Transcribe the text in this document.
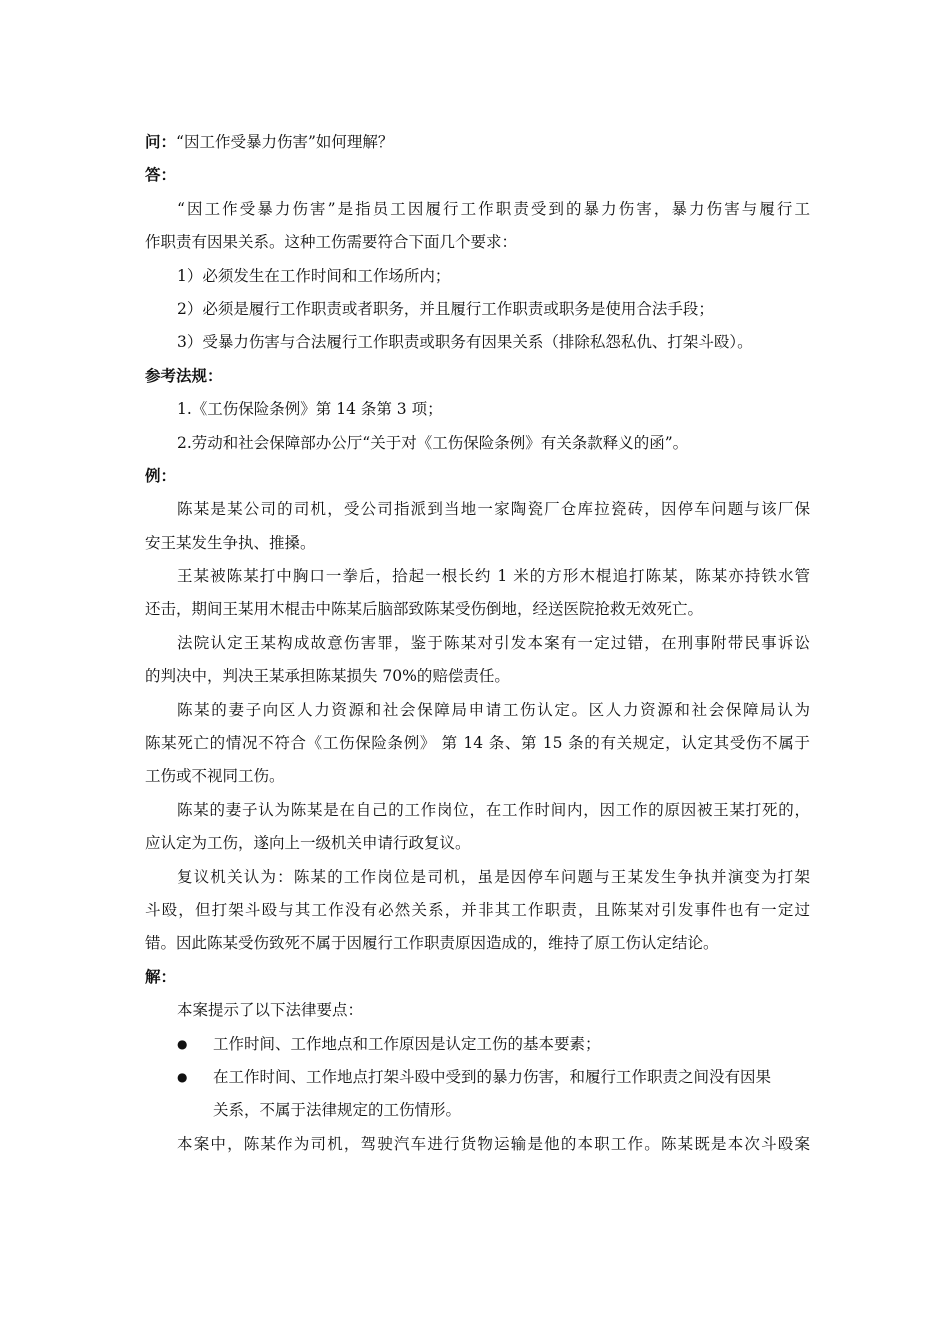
问：“因工作受暴力伤害”如何理解？
答：
“因工作受暴力伤害”是指员工因履行工作职责受到的暴力伤害，暴力伤害与履行工
作职责有因果关系。这种工伤需要符合下面几个要求：
1）必须发生在工作时间和工作场所内；
2）必须是履行工作职责或者职务，并且履行工作职责或职务是使用合法手段；
3）受暴力伤害与合法履行工作职责或职务有因果关系（排除私怨私仇、打架斗殴）。
参考法规：
1.《工伤保险条例》第 14 条第 3 项；
2.劳动和社会保障部办公厅“关于对《工伤保险条例》有关条款释义的函”。
例：
陈某是某公司的司机，受公司指派到当地一家陶瓷厂仓库拉瓷砖，因停车问题与该厂保
安王某发生争执、推搡。
王某被陈某打中胸口一拳后，拾起一根长约 1 米的方形木棍追打陈某，陈某亦持铁水管
还击，期间王某用木棍击中陈某后脑部致陈某受伤倒地，经送医院抢救无效死亡。
法院认定王某构成故意伤害罪，鉴于陈某对引发本案有一定过错，在刑事附带民事诉讼
的判决中，判决王某承担陈某损失 70%的赔偿责任。
陈某的妻子向区人力资源和社会保障局申请工伤认定。区人力资源和社会保障局认为
陈某死亡的情况不符合《工伤保险条例》 第 14 条、第 15 条的有关规定，认定其受伤不属于
工伤或不视同工伤。
陈某的妻子认为陈某是在自己的工作岗位，在工作时间内，因工作的原因被王某打死的，
应认定为工伤，遂向上一级机关申请行政复议。
复议机关认为：陈某的工作岗位是司机，虽是因停车问题与王某发生争执并演变为打架
斗殴，但打架斗殴与其工作没有必然关系，并非其工作职责，且陈某对引发事件也有一定过
错。因此陈某受伤致死不属于因履行工作职责原因造成的，维持了原工伤认定结论。
解：
本案提示了以下法律要点：
●	工作时间、工作地点和工作原因是认定工伤的基本要素；
●	在工作时间、工作地点打架斗殴中受到的暴力伤害，和履行工作职责之间没有因果
关系，不属于法律规定的工伤情形。
本案中，陈某作为司机，驾驶汽车进行货物运输是他的本职工作。陈某既是本次斗殴案
